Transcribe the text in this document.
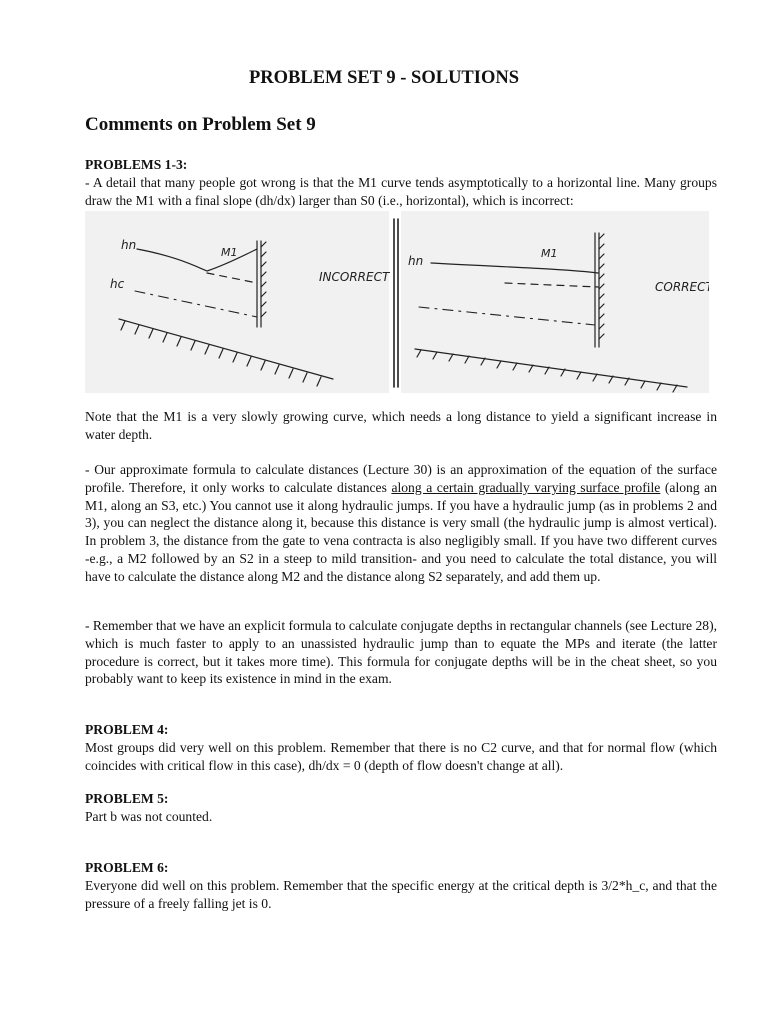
PROBLEM SET 9 - SOLUTIONS
Comments on Problem Set 9
PROBLEMS 1-3:
- A detail that many people got wrong is that the M1 curve tends asymptotically to a horizontal line. Many groups draw the M1 with a final slope (dh/dx) larger than S0 (i.e., horizontal), which is incorrect:
hn
hc
M1
INCORRECT
hn
M1
CORRECT

Note that the M1 is a very slowly growing curve, which needs a long distance to yield a significant increase in water depth.

- Our approximate formula to calculate distances (Lecture 30) is an approximation of the equation of the surface profile. Therefore, it only works to calculate distances along a certain gradually varying surface profile (along an M1, along an S3, etc.) You cannot use it along hydraulic jumps. If you have a hydraulic jump (as in problems 2 and 3), you can neglect the distance along it, because this distance is very small (the hydraulic jump is almost vertical). In problem 3, the distance from the gate to vena contracta is also negligibly small. If you have two different curves -e.g., a M2 followed by an S2 in a steep to mild transition- and you need to calculate the total distance, you will have to calculate the distance along M2 and the distance along S2 separately, and add them up.

- Remember that we have an explicit formula to calculate conjugate depths in rectangular channels (see Lecture 28), which is much faster to apply to an unassisted hydraulic jump than to equate the MPs and iterate (the latter procedure is correct, but it takes more time). This formula for conjugate depths will be in the cheat sheet, so you probably want to keep its existence in mind in the exam.

PROBLEM 4:
Most groups did very well on this problem. Remember that there is no C2 curve, and that for normal flow (which coincides with critical flow in this case), dh/dx = 0 (depth of flow doesn't change at all).
PROBLEM 5:
Part b was not counted.
PROBLEM 6:
Everyone did well on this problem. Remember that the specific energy at the critical depth is 3/2*h_c, and that the pressure of a freely falling jet is 0.
